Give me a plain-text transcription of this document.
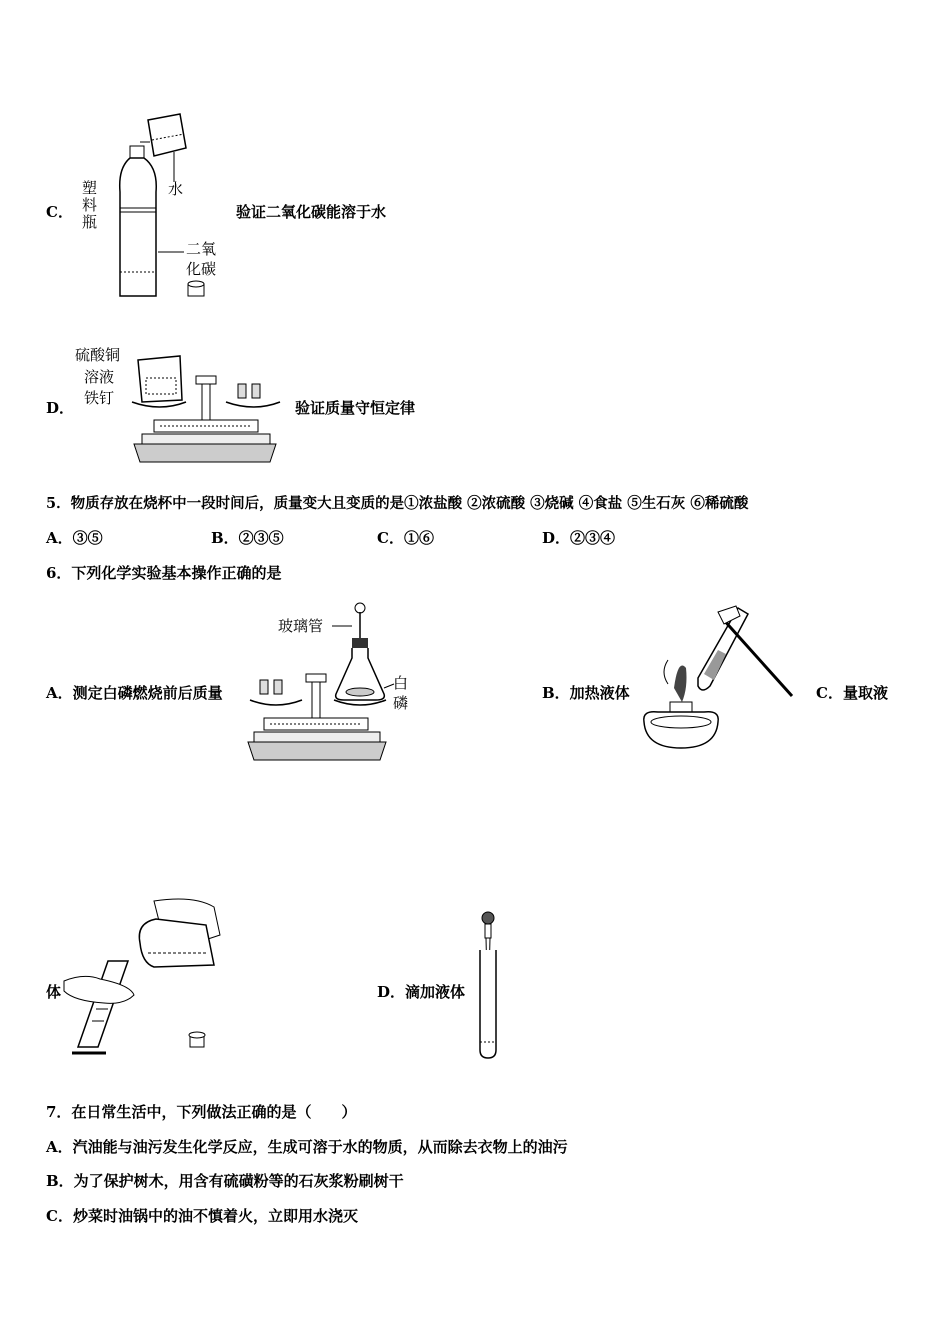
C． 塑料瓶	水
二氧
化碳
验证二氧化碳能溶于水
D．
硫酸铜
溶液
铁钉
验证质量守恒定律
5．物质存放在烧杯中一段时间后，质量变大且变质的是①浓盐酸 ②浓硫酸 ③烧碱 ④食盐 ⑤生石灰 ⑥稀硫酸
A．③⑤	B．②③⑤	C．①⑥	D．②③④
6．下列化学实验基本操作正确的是
A．测定白磷燃烧前后质量
玻璃管
白
磷
B．加热液体	C．量取液
体	D．滴加液体
7．在日常生活中，下列做法正确的是（　　）
A．汽油能与油污发生化学反应，生成可溶于水的物质，从而除去衣物上的油污
B．为了保护树木，用含有硫磺粉等的石灰浆粉刷树干
C．炒菜时油锅中的油不慎着火，立即用水浇灭
